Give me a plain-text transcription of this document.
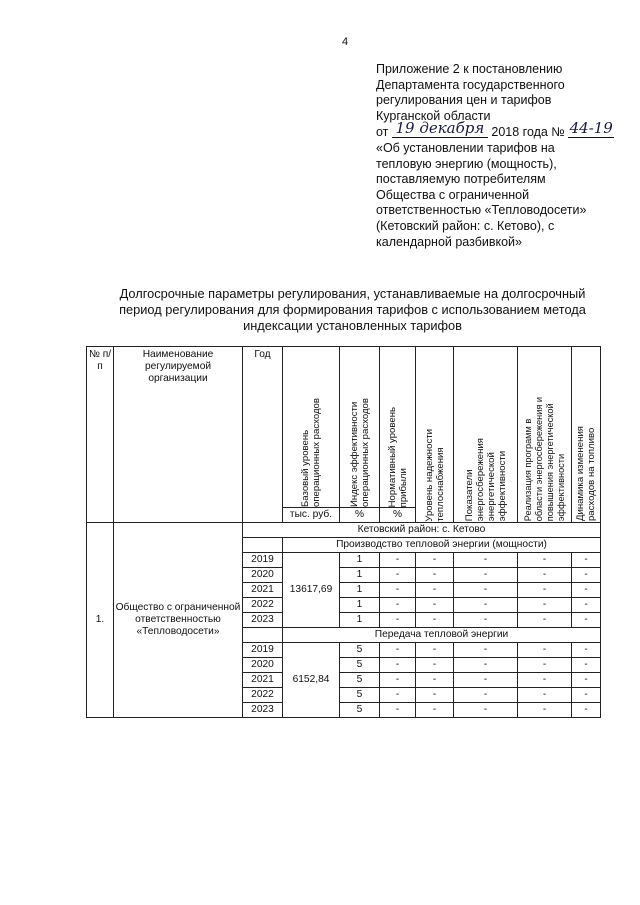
4
Приложение 2 к постановлению
Департамента государственного
регулирования цен и тарифов
Курганской области
от 19 декабря 2018 года № 44-19
«Об установлении тарифов на
тепловую энергию (мощность),
поставляемую потребителям
Общества с ограниченной
ответственностью «Тепловодосети»
(Кетовский район: с. Кетово), с
календарной разбивкой»
Долгосрочные параметры регулирования, устанавливаемые на долгосрочный
период регулирования для формирования тарифов с использованием метода
индексации установленных тарифов
№ п/п	Наименование регулируемой организации	Год	Базовый уровень
операционных расходов	Индекс эффективности
операционных расходов	Нормативный уровень
прибыли	Уровень надежности
теплоснабжения	Показатели
энергосбережения
энергетической
эффективности	Реализация программ в
области энергосбережения и
повышения энергетической
эффективности	Динамика изменения
расходов на топливо

			тыс. руб.	%	%				
1.	Общество с ограниченной ответственностью «Тепловодосети»	Кетовский район: с. Кетово							
			Производство тепловой энергии (мощности)						
		2019	13617,69	1	-	-	-	-	-
		2020		1	-	-	-	-	-
		2021		1	-	-	-	-	-
		2022		1	-	-	-	-	-
		2023		1	-	-	-	-	-
			Передача тепловой энергии						
		2019	6152,84	5	-	-	-	-	-
		2020		5	-	-	-	-	-
		2021		5	-	-	-	-	-
		2022		5	-	-	-	-	-
		2023		5	-	-	-	-	-
